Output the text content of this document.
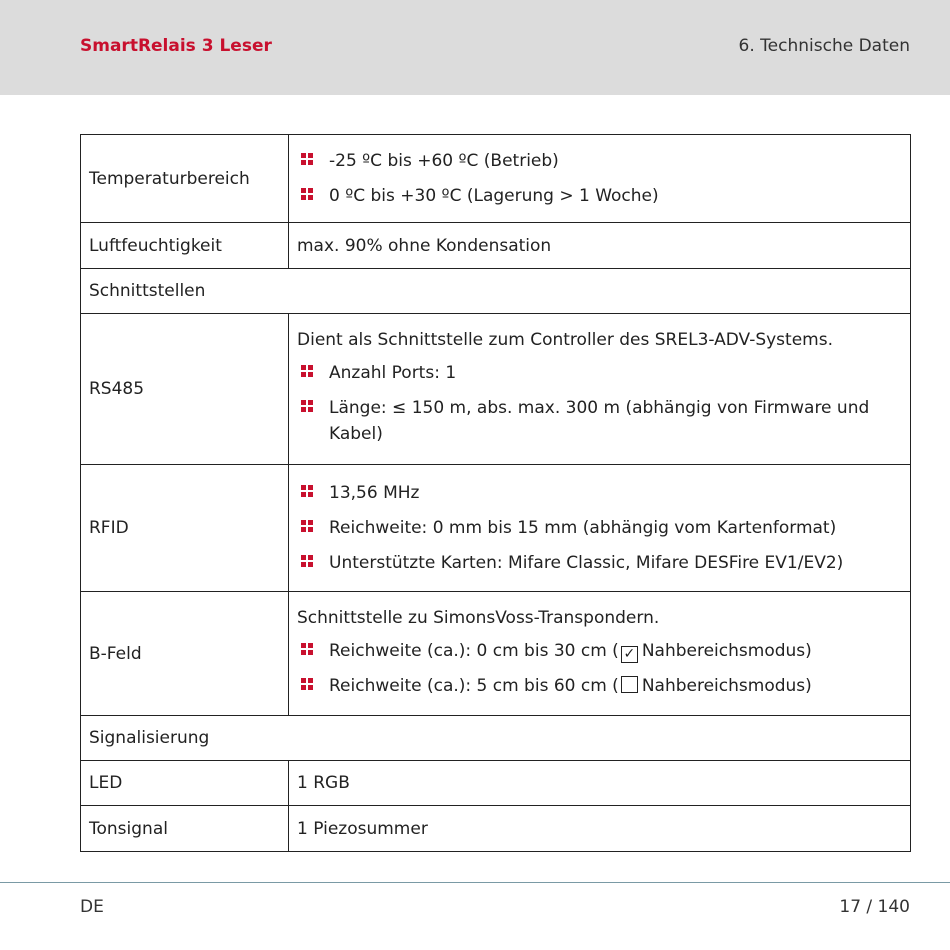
SmartRelais 3 Leser	6. Technische Daten
Temperaturbereich	-25 ºC bis +60 ºC (Betrieb)
0 ºC bis +30 ºC (Lagerung > 1 Woche)

Luftfeuchtigkeit	max. 90% ohne Kondensation
Schnittstellen	
RS485	Dient als Schnittstelle zum Controller des SREL3-ADV-Systems.
Anzahl Ports: 1
Länge: ≤ 150 m, abs. max. 300 m (abhängig von Firmware und Kabel)

RFID	13,56 MHz
Reichweite: 0 mm bis 15 mm (abhängig vom Kartenformat)
Unterstützte Karten: Mifare Classic, Mifare DESFire EV1/EV2)

B-Feld	Schnittstelle zu SimonsVoss-Transpondern.
Reichweite (ca.): 0 cm bis 30 cm ( ✓ Nahbereichsmodus)
Reichweite (ca.): 5 cm bis 60 cm ( Nahbereichsmodus)

Signalisierung	
LED	1 RGB
Tonsignal	1 Piezosummer
DE	17 / 140
